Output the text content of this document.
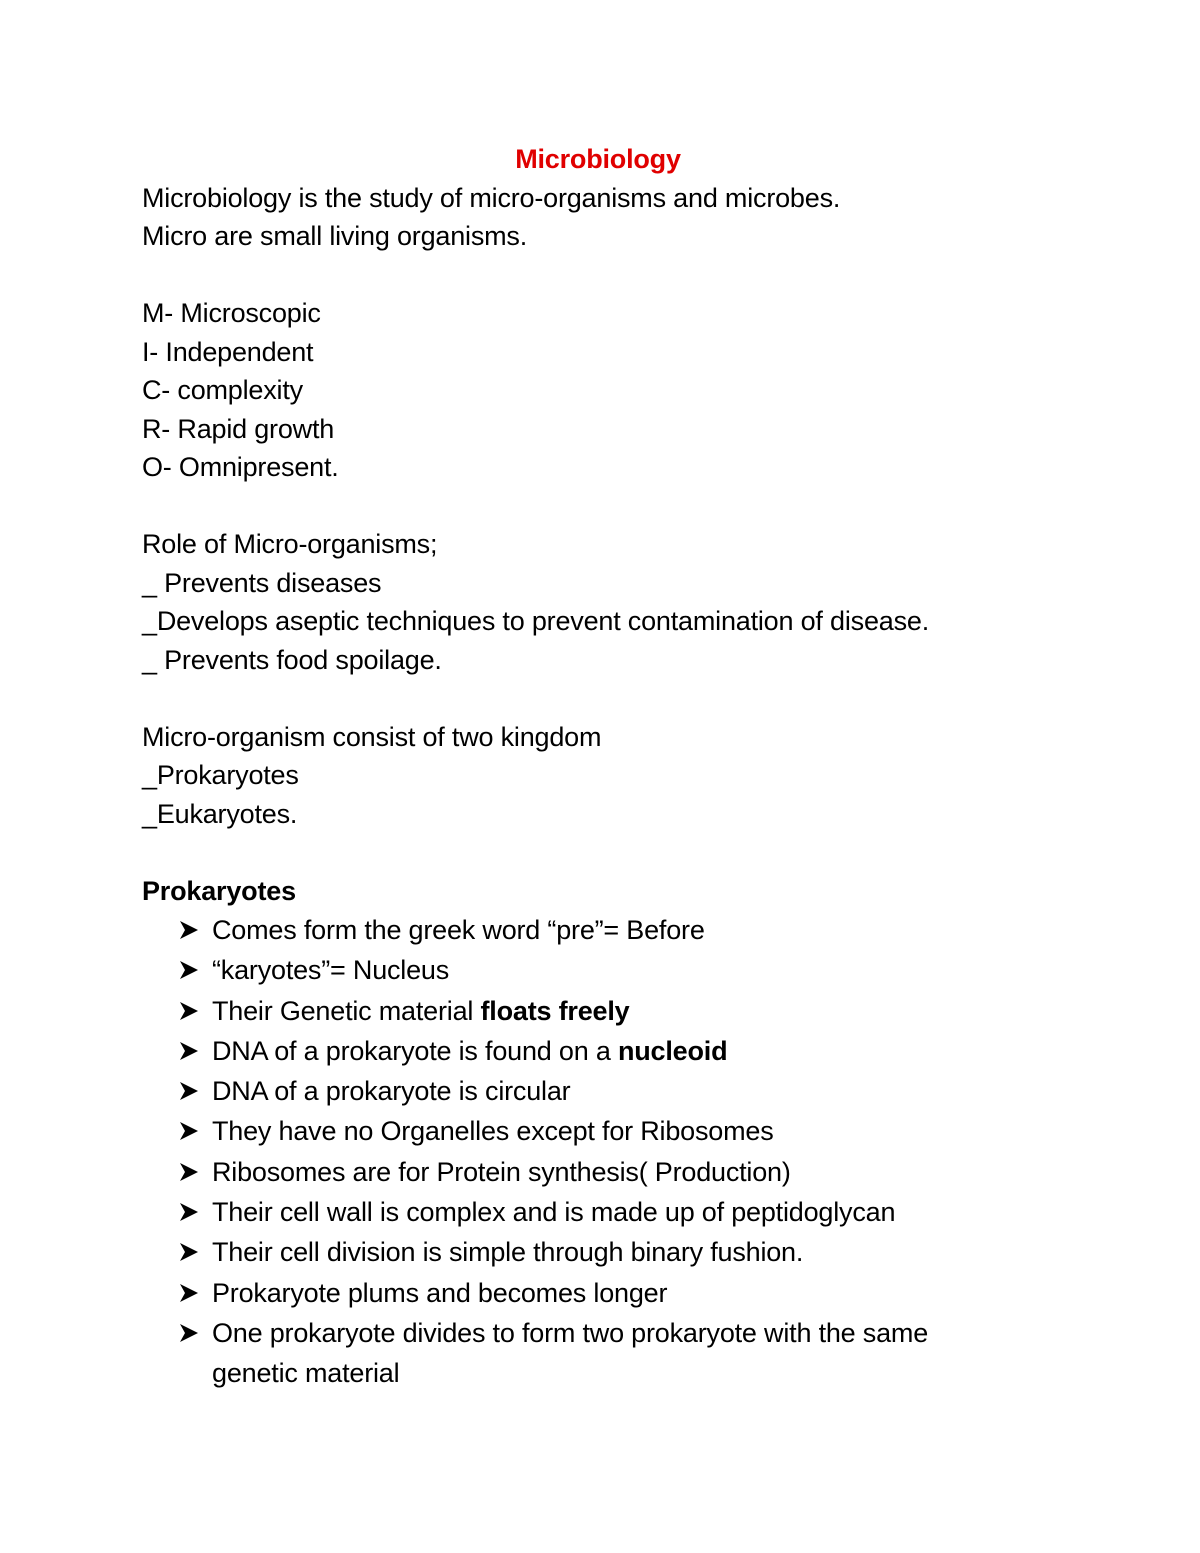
Microbiology
Microbiology is the study of micro-organisms and microbes.
Micro are small living organisms.
M- Microscopic
I- Independent
C- complexity
R- Rapid growth
O- Omnipresent.
Role of Micro-organisms;
_ Prevents diseases
_Develops aseptic techniques to prevent contamination of disease.
_ Prevents food spoilage.
Micro-organism consist of two kingdom
_Prokaryotes
_Eukaryotes.
Prokaryotes
Comes form the greek word “pre”= Before
“karyotes”= Nucleus
Their Genetic material floats freely
DNA of a prokaryote is found on a nucleoid
DNA of a prokaryote is circular
They have no Organelles except for Ribosomes
Ribosomes are for Protein synthesis( Production)
Their cell wall is complex and is made up of peptidoglycan
Their cell division is simple through binary fushion.
Prokaryote plums and becomes longer
One prokaryote divides to form two prokaryote with the same genetic material
